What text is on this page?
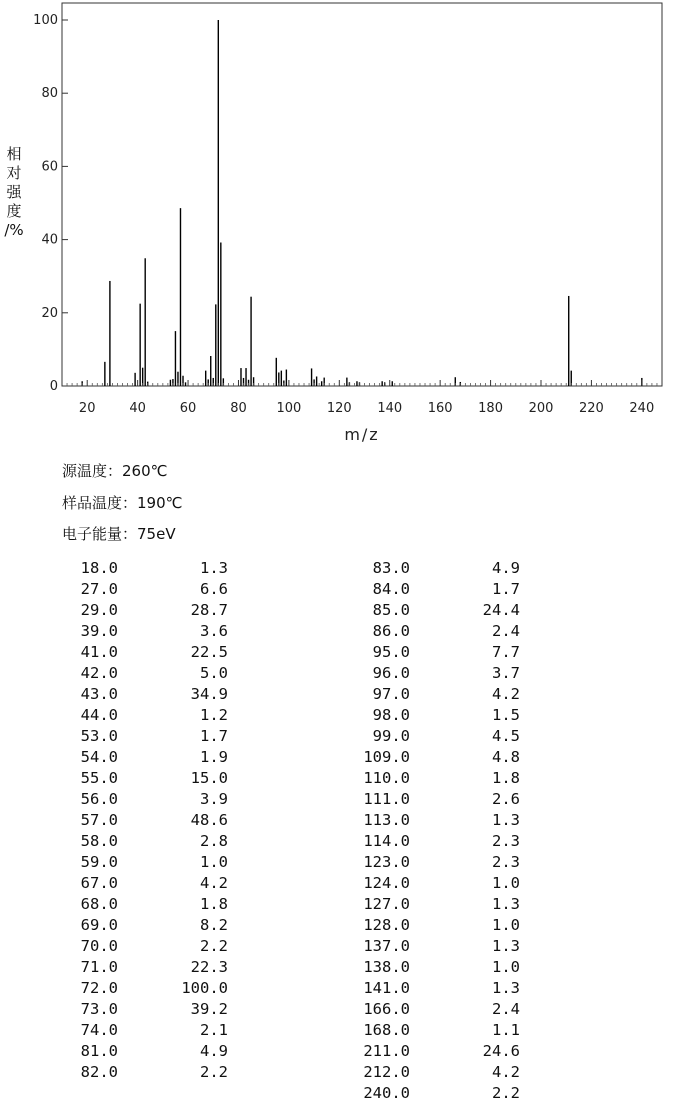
0
20
40
60
80
100
20	40	60	80 100 120 140 160 180 200 220 240
m/z
相
对
强
度
/%
源温度：260℃
样品温度：190℃
电子能量：75eV
18.0	1.3
27.0	6.6
29.0	28.7
39.0	3.6
41.0	22.5
42.0	5.0
43.0	34.9
44.0	1.2
53.0	1.7
54.0	1.9
55.0	15.0
56.0	3.9
57.0	48.6
58.0	2.8
59.0	1.0
67.0	4.2
68.0	1.8
69.0	8.2
70.0	2.2
71.0	22.3
72.0	100.0
73.0	39.2
74.0	2.1
81.0	4.9
82.0	2.2
83.0	4.9
84.0	1.7
85.0	24.4
86.0	2.4
95.0	7.7
96.0	3.7
97.0	4.2
98.0	1.5
99.0	4.5
109.0	4.8
110.0	1.8
111.0	2.6
113.0	1.3
114.0	2.3
123.0	2.3
124.0	1.0
127.0	1.3
128.0	1.0
137.0	1.3
138.0	1.0
141.0	1.3
166.0	2.4
168.0	1.1
211.0	24.6
212.0	4.2
240.0	2.2
